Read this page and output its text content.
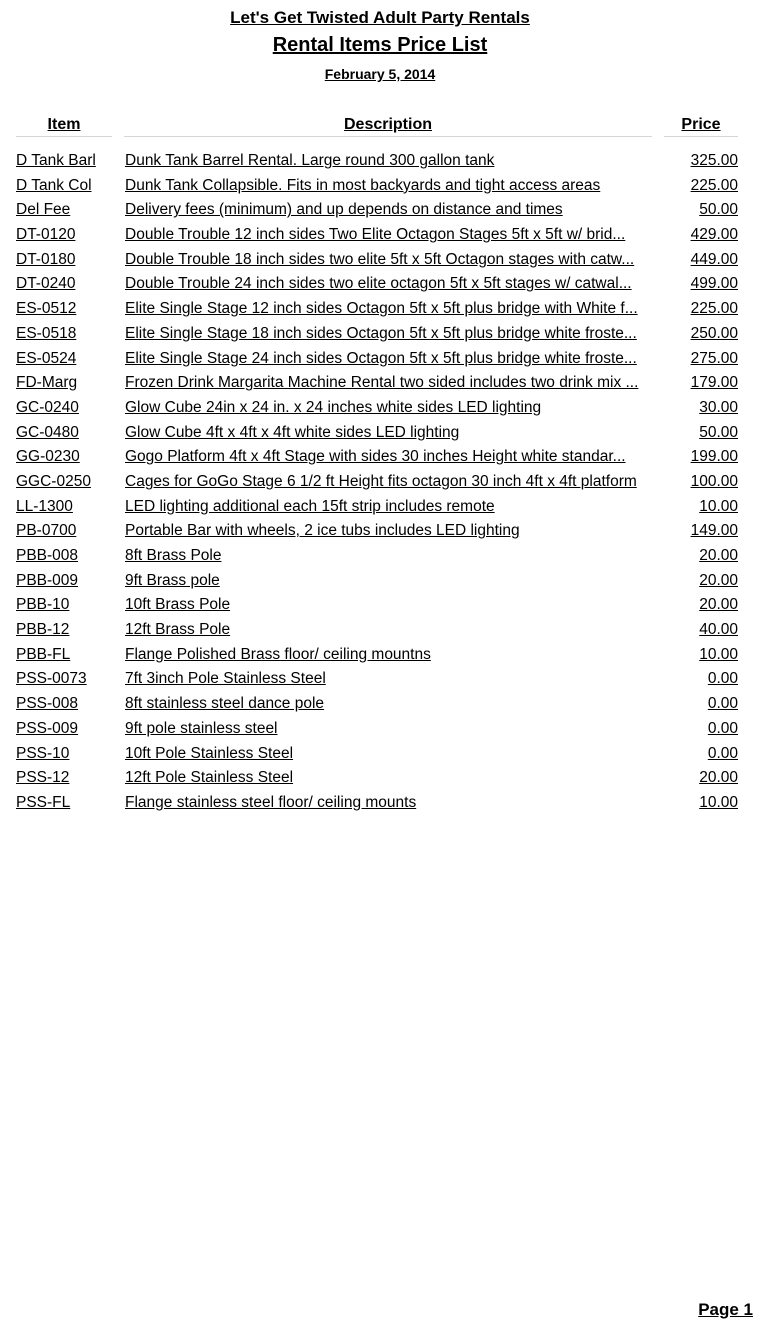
Let's Get Twisted Adult Party Rentals
Rental Items Price List
February 5, 2014
Item	Description	Price
D Tank Barl	Dunk Tank Barrel Rental. Large round 300 gallon tank	325.00
D Tank Col	Dunk Tank Collapsible. Fits in most backyards and tight access areas	225.00
Del Fee	Delivery fees (minimum) and up depends on distance and times	50.00
DT-0120	Double Trouble 12 inch sides Two Elite Octagon Stages 5ft x 5ft w/ brid...	429.00
DT-0180	Double Trouble 18 inch sides two elite 5ft x 5ft Octagon stages with catw...	449.00
DT-0240	Double Trouble 24 inch sides two elite octagon 5ft x 5ft stages w/ catwal...	499.00
ES-0512	Elite Single Stage 12 inch sides Octagon 5ft x 5ft plus bridge with White f...	225.00
ES-0518	Elite Single Stage 18 inch sides Octagon 5ft x 5ft plus bridge white froste...	250.00
ES-0524	Elite Single Stage 24 inch sides Octagon 5ft x 5ft plus bridge white froste...	275.00
FD-Marg	Frozen Drink Margarita Machine Rental two sided includes two drink mix ...	179.00
GC-0240	Glow Cube 24in x 24 in. x 24 inches white sides LED lighting	30.00
GC-0480	Glow Cube 4ft x 4ft x 4ft white sides LED lighting	50.00
GG-0230	Gogo Platform 4ft x 4ft Stage with sides 30 inches Height white standar...	199.00
GGC-0250	Cages for GoGo Stage 6 1/2 ft Height fits octagon 30 inch 4ft x 4ft platform	100.00
LL-1300	LED lighting additional each 15ft strip includes remote	10.00
PB-0700	Portable Bar with wheels, 2 ice tubs includes LED lighting	149.00
PBB-008	8ft Brass Pole	20.00
PBB-009	9ft Brass pole	20.00
PBB-10	10ft Brass Pole	20.00
PBB-12	12ft Brass Pole	40.00
PBB-FL	Flange Polished Brass floor/ ceiling mountns	10.00
PSS-0073	7ft 3inch Pole Stainless Steel	0.00
PSS-008	8ft stainless steel dance pole	0.00
PSS-009	9ft pole stainless steel	0.00
PSS-10	10ft Pole Stainless Steel	0.00
PSS-12	12ft Pole Stainless Steel	20.00
PSS-FL	Flange stainless steel floor/ ceiling mounts	10.00
Page 1
